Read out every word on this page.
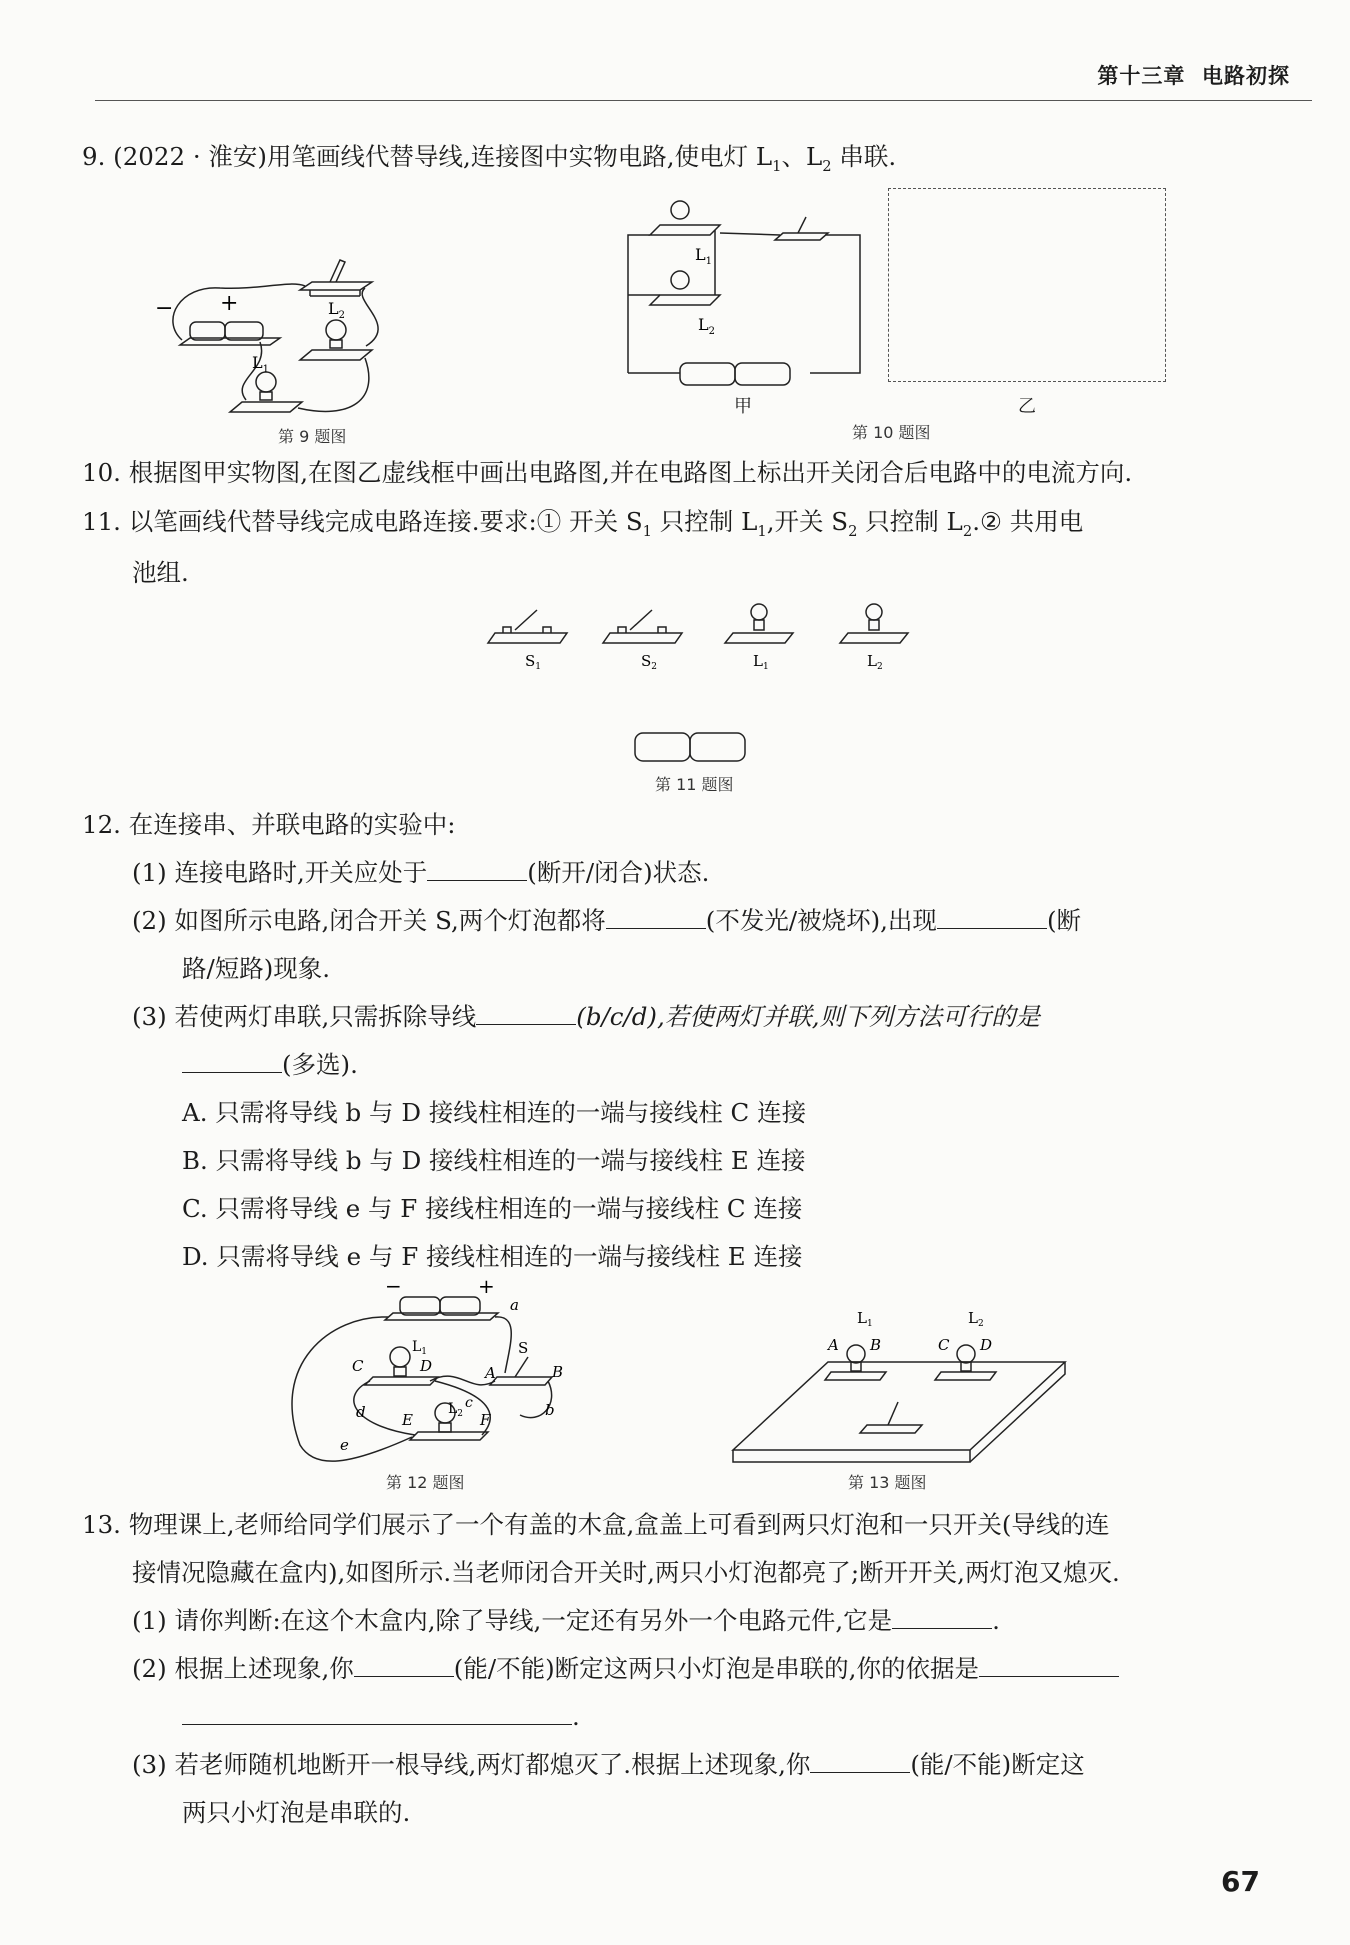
第十三章 电路初探
9. (2022 · 淮安)用笔画线代替导线,连接图中实物电路,使电灯 $L_1$、$L_2$ 串联.
− +	$L_2$
$L_1$
第 9 题图
$L_1$
$L_2$
甲	乙
第 10 题图
10. 根据图甲实物图,在图乙虚线框中画出电路图,并在电路图上标出开关闭合后电路中的电流方向.
11. 以笔画线代替导线完成电路连接.要求:① 开关 $S_1$ 只控制 $L_1$,开关 $S_2$ 只控制 $L_2.②$ 共用电
池组.
$S_1$	$S_2$	$L_1$	$L_2$
第 11 题图
12. 在连接串、并联电路的实验中:
(1) 连接电路时,开关应处于	(断开/闭合)状态.
(2) 如图所示电路,闭合开关 S,两个灯泡都将	(不发光/被烧坏),出现	(断
路/短路)现象.
(3) 若使两灯串联,只需拆除导线	(b/c/d),若使两灯并联,则下列方法可行的是
(多选).
A. 只需将导线 b 与 D 接线柱相连的一端与接线柱 C 连接
B. 只需将导线 b 与 D 接线柱相连的一端与接线柱 E 连接
C. 只需将导线 e 与 F 接线柱相连的一端与接线柱 C 连接
D. 只需将导线 e 与 F 接线柱相连的一端与接线柱 E 连接
−	+
a
C
$L_1$
D
S
A	B
c
$L_2$
d E	F
b
e
第 12 题图
$L_1$	$L_2$
A B	C D
第 13 题图
13. 物理课上,老师给同学们展示了一个有盖的木盒,盒盖上可看到两只灯泡和一只开关(导线的连
接情况隐藏在盒内),如图所示.当老师闭合开关时,两只小灯泡都亮了;断开开关,两灯泡又熄灭.
(1) 请你判断:在这个木盒内,除了导线,一定还有另外一个电路元件,它是	.
(2) 根据上述现象,你	(能/不能)断定这两只小灯泡是串联的,你的依据是
.
(3) 若老师随机地断开一根导线,两灯都熄灭了.根据上述现象,你	(能/不能)断定这
两只小灯泡是串联的.
67
